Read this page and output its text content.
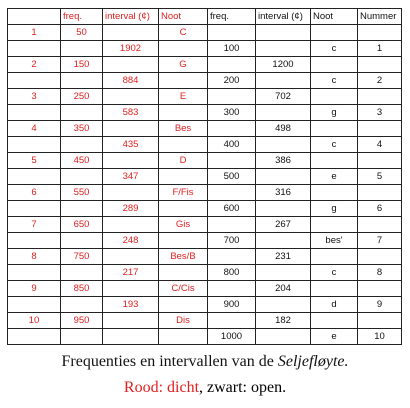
	freq.	interval (¢)	Noot	freq.	interval (¢)	Noot	Nummer
1	50		C				
		1902		100		c	1
2	150		G		1200		
		884		200		c	2
3	250		E		702		
		583		300		g	3
4	350		Bes		498		
		435		400		c	4
5	450		D		386		
		347		500		e	5
6	550		F/Fis		316		
		289		600		g	6
7	650		Gis		267		
		248		700		bes'	7
8	750		Bes/B		231		
		217		800		c	8
9	850		C/Cis		204		
		193		900		d	9
10	950		Dis		182		
				1000		e	10
Frequenties en intervallen van de Seljefløyte.
Rood: dicht, zwart: open.
